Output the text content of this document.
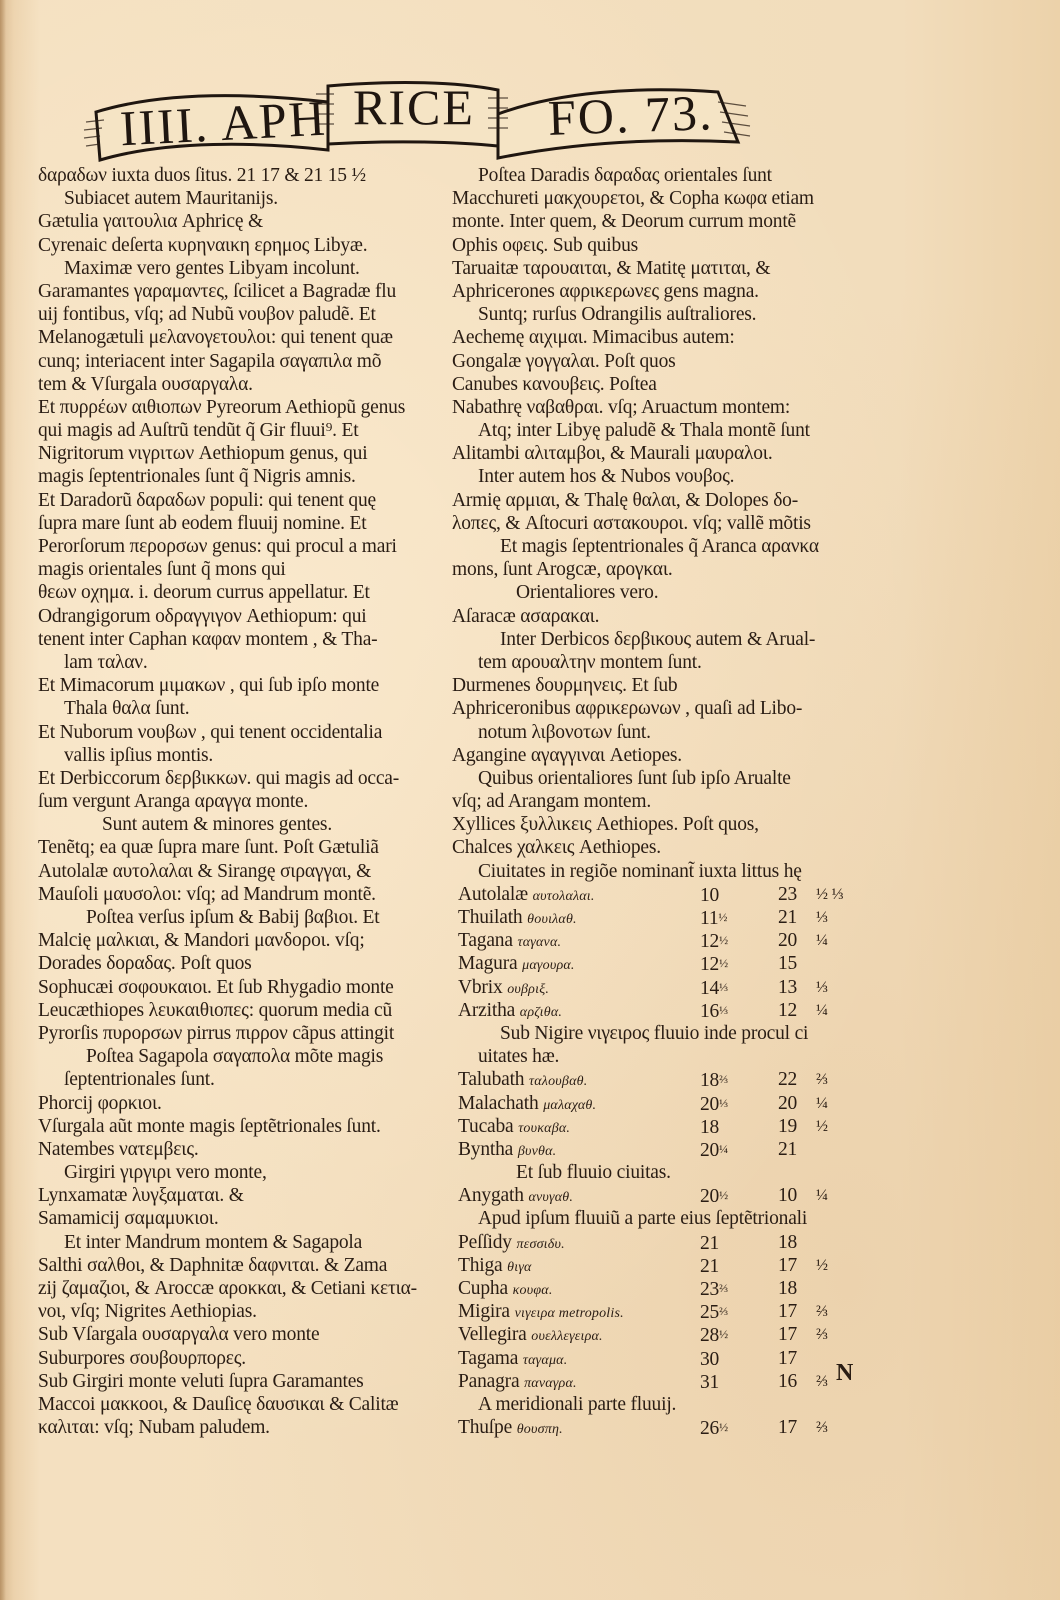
IIII. APH RICE FO. 73.
δαραδων iuxta duos ſitus. 21 17 & 21 15 ½
Subiacet autem Mauritanijs.
Gætulia γαιτουλια Aphricę &
Cyrenaic deſerta κυρηναικη ερημος Libyæ.
Maximæ vero gentes Libyam incolunt.
Garamantes γαραμαντες, ſcilicet a Bagradæ flu
uij fontibus, vſq; ad Nubũ νουβον paludẽ. Et
Melanogætuli μελανογετουλοι: qui tenent quæ
cunq; interiacent inter Sagapila σαγαπιλα mõ
tem & Vſurgala ουσαργαλα.
Et πυρρέων αιθιοπων Pyreorum Aethiopũ genus
qui magis ad Auſtrũ tendũt q̃ Gir fluui⁹. Et
Nigritorum νιγριτων Aethiopum genus, qui
magis ſeptentrionales ſunt q̃ Nigris amnis.
Et Daradorũ δαραδων populi: qui tenent quę
ſupra mare ſunt ab eodem fluuij nomine. Et
Perorſorum περορσων genus: qui procul a mari
magis orientales ſunt q̃ mons qui
θεων οχημα. i. deorum currus appellatur. Et
Odrangigorum οδραγγιγον Aethiopum: qui
tenent inter Caphan καφαν montem , & Tha-
lam ταλαν.
Et Mimacorum μιμακων , qui ſub ipſo monte
Thala θαλα ſunt.
Et Nuborum νουβων , qui tenent occidentalia
vallis ipſius montis.
Et Derbiccorum δερβικκων. qui magis ad occa-
ſum vergunt Aranga αραγγα monte.
Sunt autem & minores gentes.
Tenẽtq; ea quæ ſupra mare ſunt. Poſt Gætuliã
Autolalæ αυτολαλαι & Sirangę σιραγγαι, &
Mauſoli μαυσολοι: vſq; ad Mandrum montẽ.
Poſtea verſus ipſum & Babij βαβιοι. Et
Malcię μαλκιαι, & Mandori μανδοροι. vſq;
Dorades δοραδας. Poſt quos
Sophucæi σοφουκαιοι. Et ſub Rhygadio monte
Leucæthiopes λευκαιθιοπες: quorum media cũ
Pyrorſis πυρορσων pirrus πιρρον cãpus attingit
Poſtea Sagapola σαγαπολα mõte magis
ſeptentrionales ſunt.
Phorcij φορκιοι.
Vſurgala aũt monte magis ſeptẽtrionales ſunt.
Natembes νατεμβεις.
Girgiri γιργιρι vero monte,
Lynxamatæ λυγξαμαται. &
Samamicij σαμαμυκιοι.
Et inter Mandrum montem & Sagapola
Salthi σαλθοι, & Daphnitæ δαφνιται. & Zama
zij ζαμαζιοι, & Aroccæ αροκκαι, & Cetiani κετια-
νοι, vſq; Nigrites Aethiopias.
Sub Vſargala ουσαργαλα vero monte
Suburpores σουβουρπορες.
Sub Girgiri monte veluti ſupra Garamantes
Maccoi μακκοοι, & Dauſicę δαυσικαι & Calitæ
καλιται: vſq; Nubam paludem.
Poſtea Daradis δαραδας orientales ſunt
Macchureti μακχουρετοι, & Copha κωφα etiam
monte. Inter quem, & Deorum currum montẽ
Ophis οφεις. Sub quibus
Taruaitæ ταρουαιται, & Matitę ματιται, &
Aphricerones αφρικερωνες gens magna.
Suntq; rurſus Odrangilis auſtraliores.
Aechemę αιχιμαι. Mimacibus autem:
Gongalæ γογγαλαι. Poſt quos
Canubes κανουβεις. Poſtea
Nabathrę ναβαθραι. vſq; Aruactum montem:
Atq; inter Libyę paludẽ & Thala montẽ ſunt
Alitambi αλιταμβοι, & Maurali μαυραλοι.
Inter autem hos & Nubos νουβος.
Armię αρμιαι, & Thalę θαλαι, & Dolopes δο-
λοπες, & Aſtocuri αστακουροι. vſq; vallẽ mõtis
Et magis ſeptentrionales q̃ Aranca αρανκα
mons, ſunt Arogcæ, αρογκαι.
Orientaliores vero.
Aſaracæ ασαρακαι.
Inter Derbicos δερβικους autem & Arual-
tem αρουαλτην montem ſunt.
Durmenes δουρμηνεις. Et ſub
Aphriceronibus αφρικερωνων , quaſi ad Libo-
notum λιβονοτων ſunt.
Agangine αγαγγιναι Aetiopes.
Quibus orientaliores ſunt ſub ipſo Arualte
vſq; ad Arangam montem.
Xyllices ξυλλικεις Aethiopes. Poſt quos,
Chalces χαλκεις Aethiopes.
Ciuitates in regiõe nominant̃ iuxta littus hę
Autolalæ αυτολαλαι.	10	23 ½ ⅓
Thuilath θουιλαθ.	11½	21 ⅓
Tagana ταγανα.	12½	20 ¼
Magura μαγουρα.	12½	15
Vbrix ουβριξ.	14⅓	13 ⅓
Arzitha αρζιθα.	16⅓	12 ¼
Sub Nigire νιγειρος fluuio inde procul ci
uitates hæ.
Talubath ταλουβαθ.	18⅔	22 ⅔
Malachath μαλαχαθ.	20⅓	20 ¼
Tucaba τουκαβα.	18	19 ½
Byntha βυνθα.	20¼	21
Et ſub fluuio ciuitas.
Anygath ανυγαθ.	20½	10 ¼
Apud ipſum fluuiũ a parte eius ſeptẽtrionali
Peſſidy πεσσιδυ.	21	18
Thiga θιγα	21	17 ½
Cupha κουφα.	23⅔	18
Migira νιγειρα metropolis.	25⅔	17 ⅔
Vellegira ουελλεγειρα.	28½	17 ⅔
Tagama ταγαμα.	30	17
Panagra παναγρα.	31	16 ⅔
A meridionali parte fluuij.
Thuſpe θουσπη.	26½	17 ⅔
N
